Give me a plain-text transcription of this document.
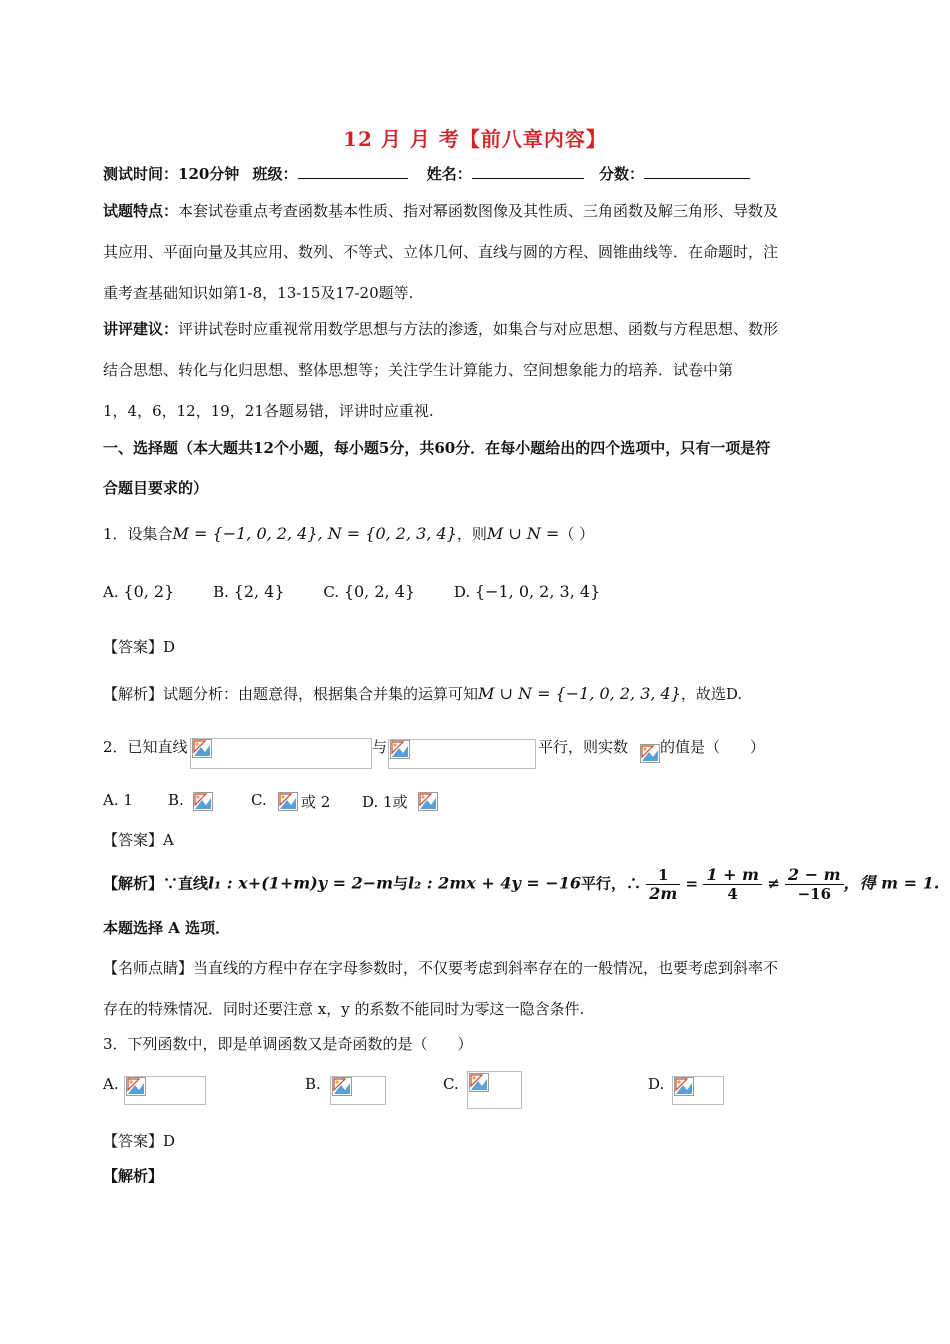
12 月 月 考【前八章内容】
测试时间：120分钟 班级：	姓名：	分数：
试题特点：本套试卷重点考查函数基本性质、指对幂函数图像及其性质、三角函数及解三角形、导数及
其应用、平面向量及其应用、数列、不等式、立体几何、直线与圆的方程、圆锥曲线等．在命题时，注
重考查基础知识如第1-8，13-15及17-20题等.
讲评建议：评讲试卷时应重视常用数学思想与方法的渗透，如集合与对应思想、函数与方程思想、数形
结合思想、转化与化归思想、整体思想等；关注学生计算能力、空间想象能力的培养．试卷中第
1，4，6，12，19，21各题易错，评讲时应重视.
一、选择题（本大题共12个小题，每小题5分，共60分．在每小题给出的四个选项中，只有一项是符
合题目要求的）
1．设集合M = {−1, 0, 2, 4}, N = {0, 2, 3, 4}，则M ∪ N =（ ）
A. {0, 2}	B. {2, 4}	C. {0, 2, 4}	D. {−1, 0, 2, 3, 4}
【答案】D
【解析】试题分析：由题意得，根据集合并集的运算可知M ∪ N = {−1, 0, 2, 3, 4}，故选D.
2．已知直线	与	平行，则实数 的值是（　　）
A. 1 B.	C. 或 2 D. 1或
【答案】A
【解析】∵直线l₁ : x+(1+m)y = 2−m与l₂ : 2mx + 4y = −16平行，∴ $\frac{1}{2m} = \frac{1 + m}{4} \ne \frac{2 - m}{-16}$ ，得 m = 1.
本题选择 A 选项．
【名师点睛】当直线的方程中存在字母参数时，不仅要考虑到斜率存在的一般情况，也要考虑到斜率不
存在的特殊情况．同时还要注意 x，y 的系数不能同时为零这一隐含条件.
3．下列函数中，即是单调函数又是奇函数的是（　　）
A.	B.	C.	D.
【答案】D
【解析】
